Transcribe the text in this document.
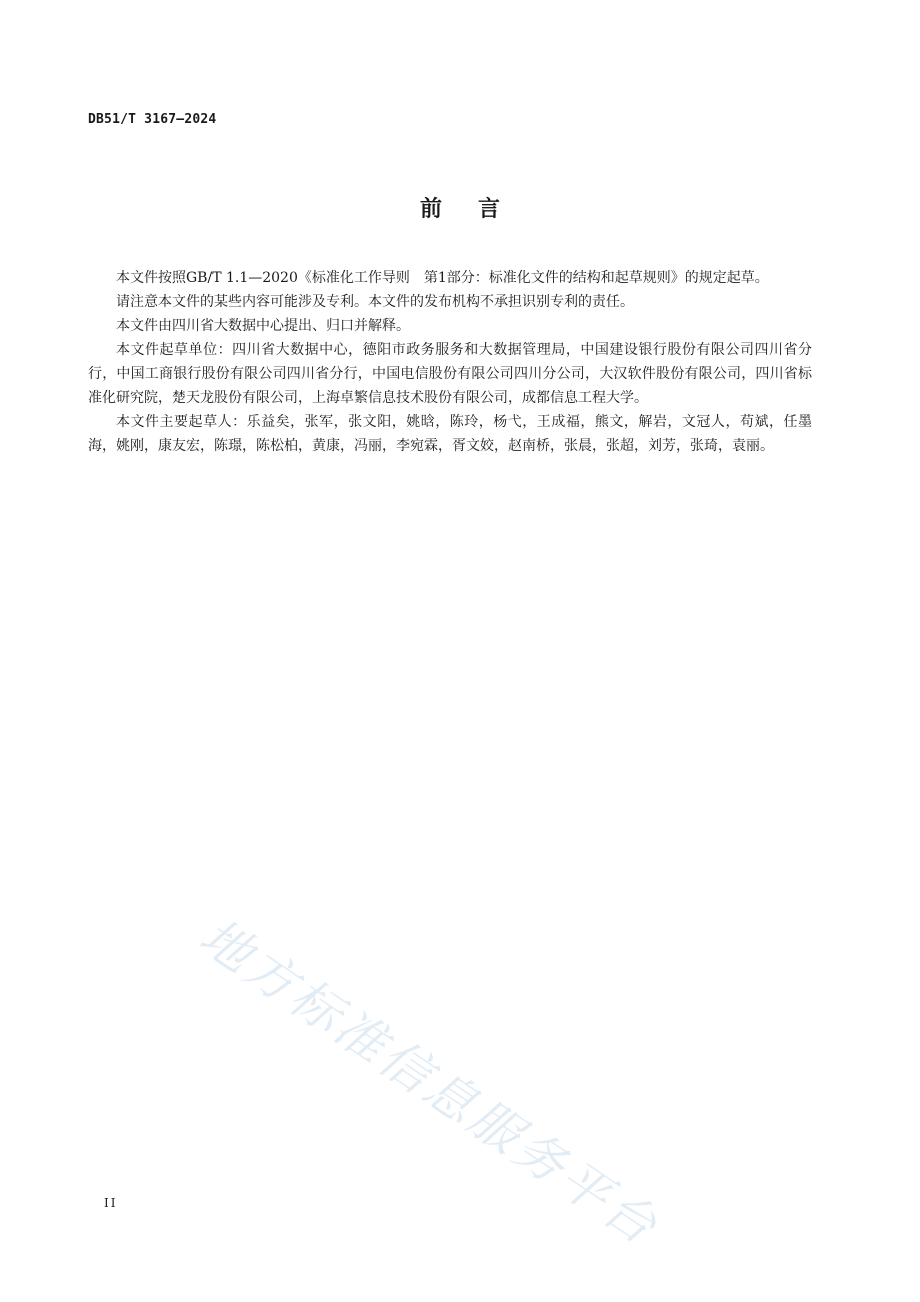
DB51/T 3167—2024
前言

本文件按照GB/T 1.1—2020《标准化工作导则　第1部分：标准化文件的结构和起草规则》的规定起草。

请注意本文件的某些内容可能涉及专利。本文件的发布机构不承担识别专利的责任。

本文件由四川省大数据中心提出、归口并解释。

本文件起草单位：四川省大数据中心，德阳市政务服务和大数据管理局，中国建设银行股份有限公司四川省分行，中国工商银行股份有限公司四川省分行，中国电信股份有限公司四川分公司，大汉软件股份有限公司，四川省标准化研究院，楚天龙股份有限公司，上海卓繁信息技术股份有限公司，成都信息工程大学。

本文件主要起草人：乐益矣，张军，张文阳，姚晗，陈玲，杨弋，王成福，熊文，解岩，文冠人，苟斌，任墨海，姚刚，康友宏，陈璟，陈松柏，黄康，冯丽，李宛霖，胥文姣，赵南桥，张晨，张超，刘芳，张琦，袁丽。

地方标准信息服务平台
II
